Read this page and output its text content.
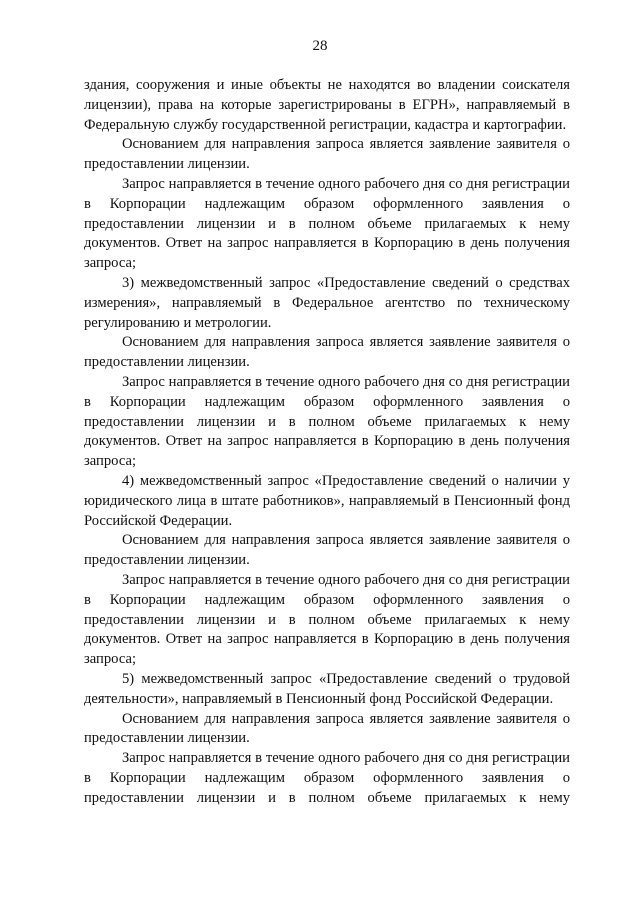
28

здания, сооружения и иные объекты не находятся во владении соискателя лицензии), права на которые зарегистрированы в ЕГРН», направляемый в Федеральную службу государственной регистрации, кадастра и картографии.

Основанием для направления запроса является заявление заявителя о предоставлении лицензии.

Запрос направляется в течение одного рабочего дня со дня регистрации в Корпорации надлежащим образом оформленного заявления о предоставлении лицензии и в полном объеме прилагаемых к нему документов. Ответ на запрос направляется в Корпорацию в день получения запроса;

3) межведомственный запрос «Предоставление сведений о средствах измерения», направляемый в Федеральное агентство по техническому регулированию и метрологии.

Основанием для направления запроса является заявление заявителя о предоставлении лицензии.

Запрос направляется в течение одного рабочего дня со дня регистрации в Корпорации надлежащим образом оформленного заявления о предоставлении лицензии и в полном объеме прилагаемых к нему документов. Ответ на запрос направляется в Корпорацию в день получения запроса;

4) межведомственный запрос «Предоставление сведений о наличии у юридического лица в штате работников», направляемый в Пенсионный фонд Российской Федерации.

Основанием для направления запроса является заявление заявителя о предоставлении лицензии.

Запрос направляется в течение одного рабочего дня со дня регистрации в Корпорации надлежащим образом оформленного заявления о предоставлении лицензии и в полном объеме прилагаемых к нему документов. Ответ на запрос направляется в Корпорацию в день получения запроса;

5) межведомственный запрос «Предоставление сведений о трудовой деятельности», направляемый в Пенсионный фонд Российской Федерации.

Основанием для направления запроса является заявление заявителя о предоставлении лицензии.

Запрос направляется в течение одного рабочего дня со дня регистрации в Корпорации надлежащим образом оформленного заявления о предоставлении лицензии и в полном объеме прилагаемых к нему
